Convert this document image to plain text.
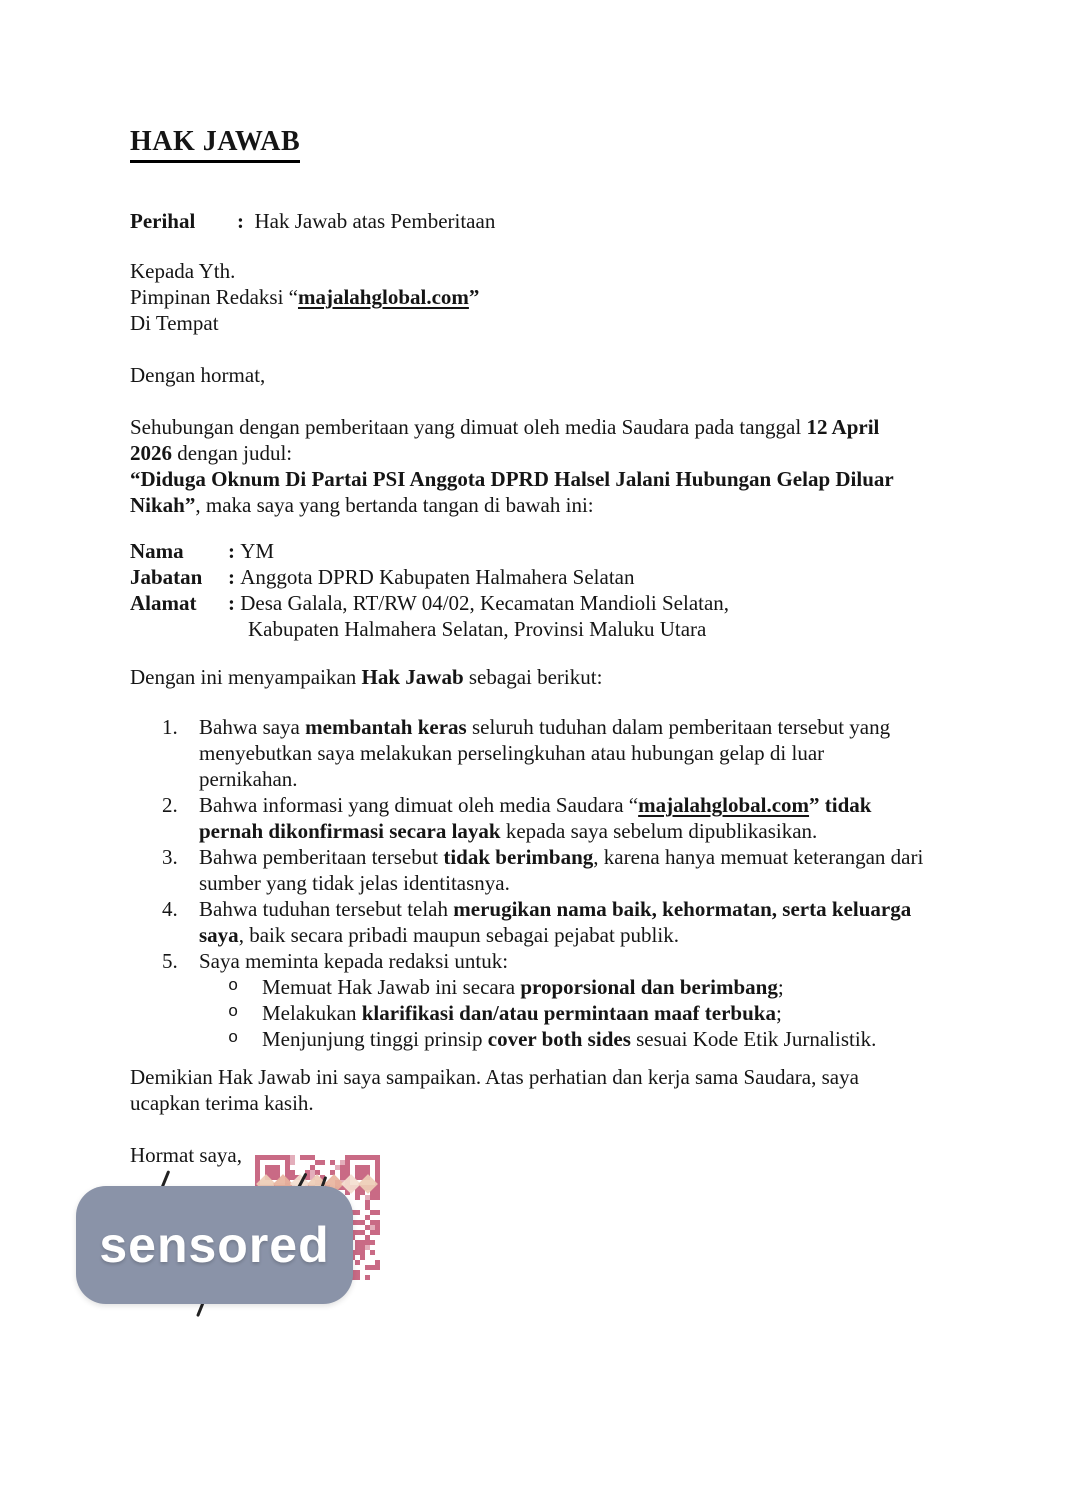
HAK JAWAB
Perihal	: Hak Jawab atas Pemberitaan
Kepada Yth.
Pimpinan Redaksi “majalahglobal.com”
Di Tempat
Dengan hormat,
Sehubungan dengan pemberitaan yang dimuat oleh media Saudara pada tanggal 12 April
2026 dengan judul:
“Diduga Oknum Di Partai PSI Anggota DPRD Halsel Jalani Hubungan Gelap Diluar
Nikah”, maka saya yang bertanda tangan di bawah ini:
Nama	: YM
Jabatan	: Anggota DPRD Kabupaten Halmahera Selatan
Alamat	: Desa Galala, RT/RW 04/02, Kecamatan Mandioli Selatan,
Kabupaten Halmahera Selatan, Provinsi Maluku Utara
Dengan ini menyampaikan Hak Jawab sebagai berikut:
1.	Bahwa saya membantah keras seluruh tuduhan dalam pemberitaan tersebut yang
menyebutkan saya melakukan perselingkuhan atau hubungan gelap di luar
pernikahan.
2.	Bahwa informasi yang dimuat oleh media Saudara “majalahglobal.com” tidak
pernah dikonfirmasi secara layak kepada saya sebelum dipublikasikan.
3.	Bahwa pemberitaan tersebut tidak berimbang, karena hanya memuat keterangan dari
sumber yang tidak jelas identitasnya.
4.	Bahwa tuduhan tersebut telah merugikan nama baik, kehormatan, serta keluarga
saya, baik secara pribadi maupun sebagai pejabat publik.
5.	Saya meminta kepada redaksi untuk:
o	Memuat Hak Jawab ini secara proporsional dan berimbang;
o	Melakukan klarifikasi dan/atau permintaan maaf terbuka;
o	Menjunjung tinggi prinsip cover both sides sesuai Kode Etik Jurnalistik.
Demikian Hak Jawab ini saya sampaikan. Atas perhatian dan kerja sama Saudara, saya
ucapkan terima kasih.
Hormat saya,
sensored
